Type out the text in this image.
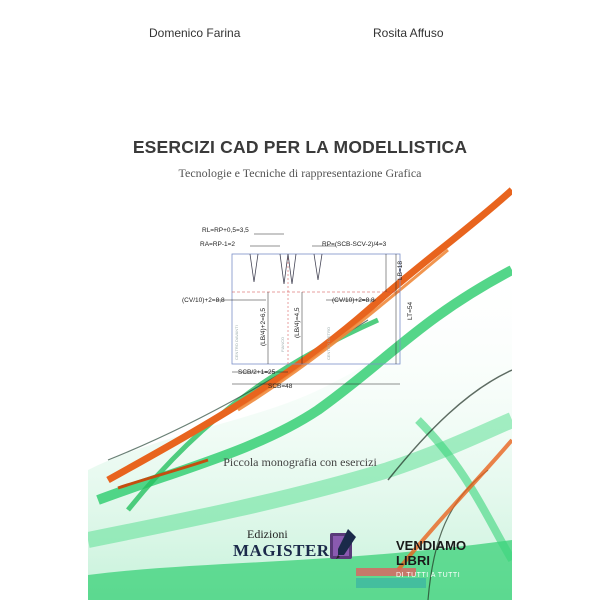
Domenico Farina	Rosita Affuso
ESERCIZI CAD PER LA MODELLISTICA
Tecnologie e Tecniche di rappresentazione Grafica
RL=RP+0,5=3,5
RA=RP-1=2	RP=(SCB-SCV-2)/4=3
(CV/10)+2=8,8	(CV/10)+2=8,8
LB=18
LT=54
(LB/4)+2=6,5	(LB/4)=4,5
SCB/2+1=25
SCB=48
CENTRO DAVANTI	FIANCO	CENTRO DIETRO
Piccola monografia con esercizi
Edizioni
MAGISTER	VENDIAMO
LIBRI
DI TUTTI A TUTTI
